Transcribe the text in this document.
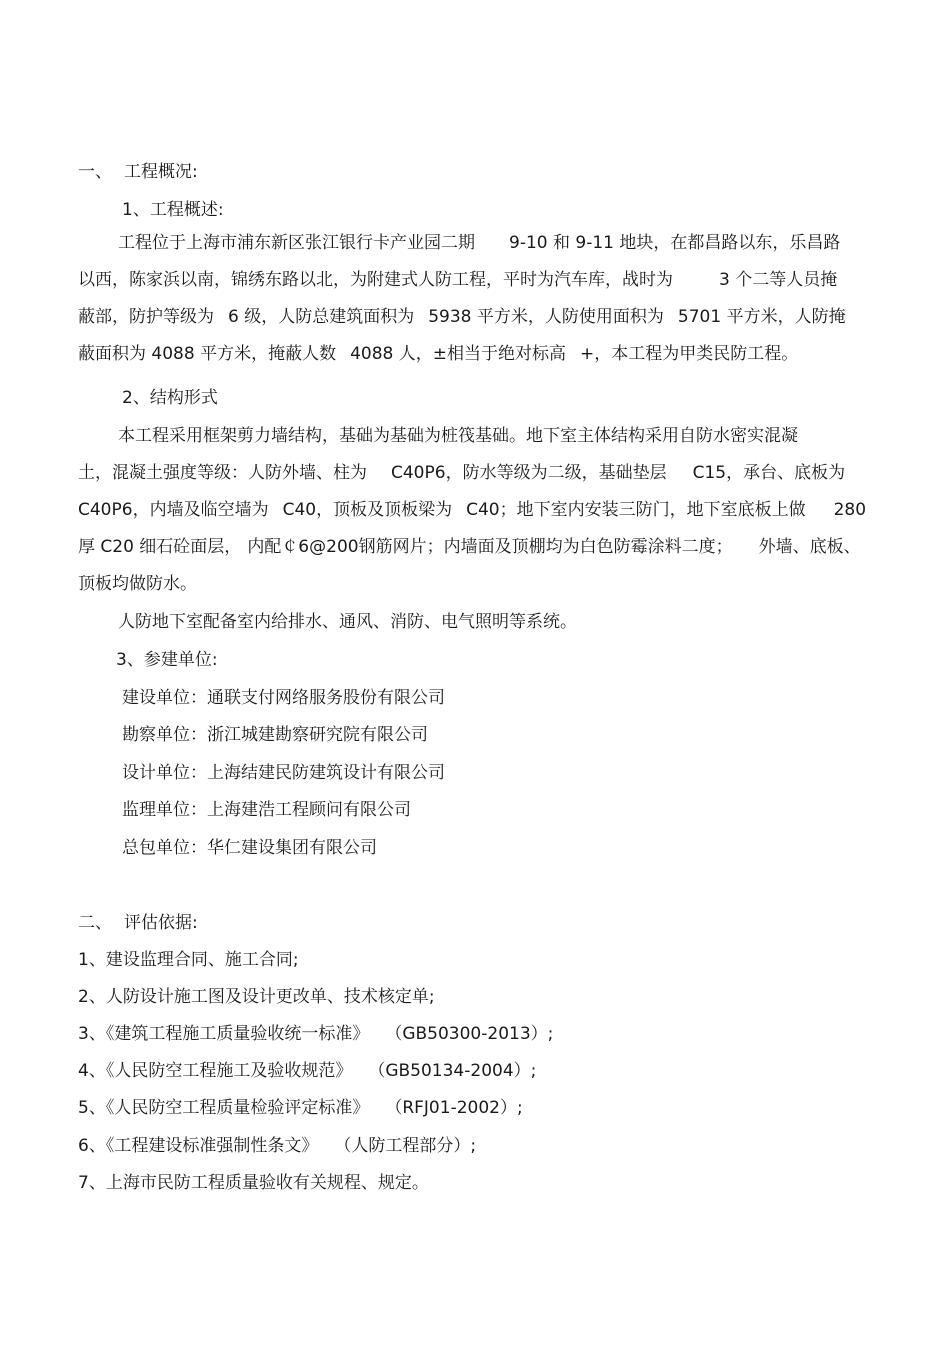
一、 工程概况:
1、工程概述:
工程位于上海市浦东新区张江银行卡产业园二期 9-10 和 9-11 地块，在都昌路以东，乐昌路
以西，陈家浜以南，锦绣东路以北，为附建式人防工程，平时为汽车库，战时为	3 个二等人员掩
蔽部，防护等级为 6 级，人防总建筑面积为 5938 平方米，人防使用面积为 5701 平方米，人防掩
蔽面积为 4088 平方米，掩蔽人数 4088 人，±相当于绝对标高 +，本工程为甲类民防工程。
2、结构形式
本工程采用框架剪力墙结构，基础为基础为桩筏基础。地下室主体结构采用自防水密实混凝
土，混凝土强度等级：人防外墙、柱为 C40P6，防水等级为二级，基础垫层 C15，承台、底板为
C40P6，内墙及临空墙为 C40，顶板及顶板梁为 C40；地下室内安装三防门，地下室底板上做 280
厚 C20 细石砼面层， 内配￠6@200钢筋网片；内墙面及顶棚均为白色防霉涂料二度； 外墙、底板、
顶板均做防水。
人防地下室配备室内给排水、通风、消防、电气照明等系统。
3、参建单位:
建设单位：通联支付网络服务股份有限公司
勘察单位：浙江城建勘察研究院有限公司
设计单位：上海结建民防建筑设计有限公司
监理单位：上海建浩工程顾问有限公司
总包单位：华仁建设集团有限公司
二、 评估依据:
1、建设监理合同、施工合同;
2、人防设计施工图及设计更改单、技术核定单;
3、《建筑工程施工质量验收统一标准》 （GB50300-2013）;
4、《人民防空工程施工及验收规范》 （GB50134-2004）;
5、《人民防空工程质量检验评定标准》 （RFJ01-2002）;
6、《工程建设标准强制性条文》 （人防工程部分）;
7、上海市民防工程质量验收有关规程、规定。
